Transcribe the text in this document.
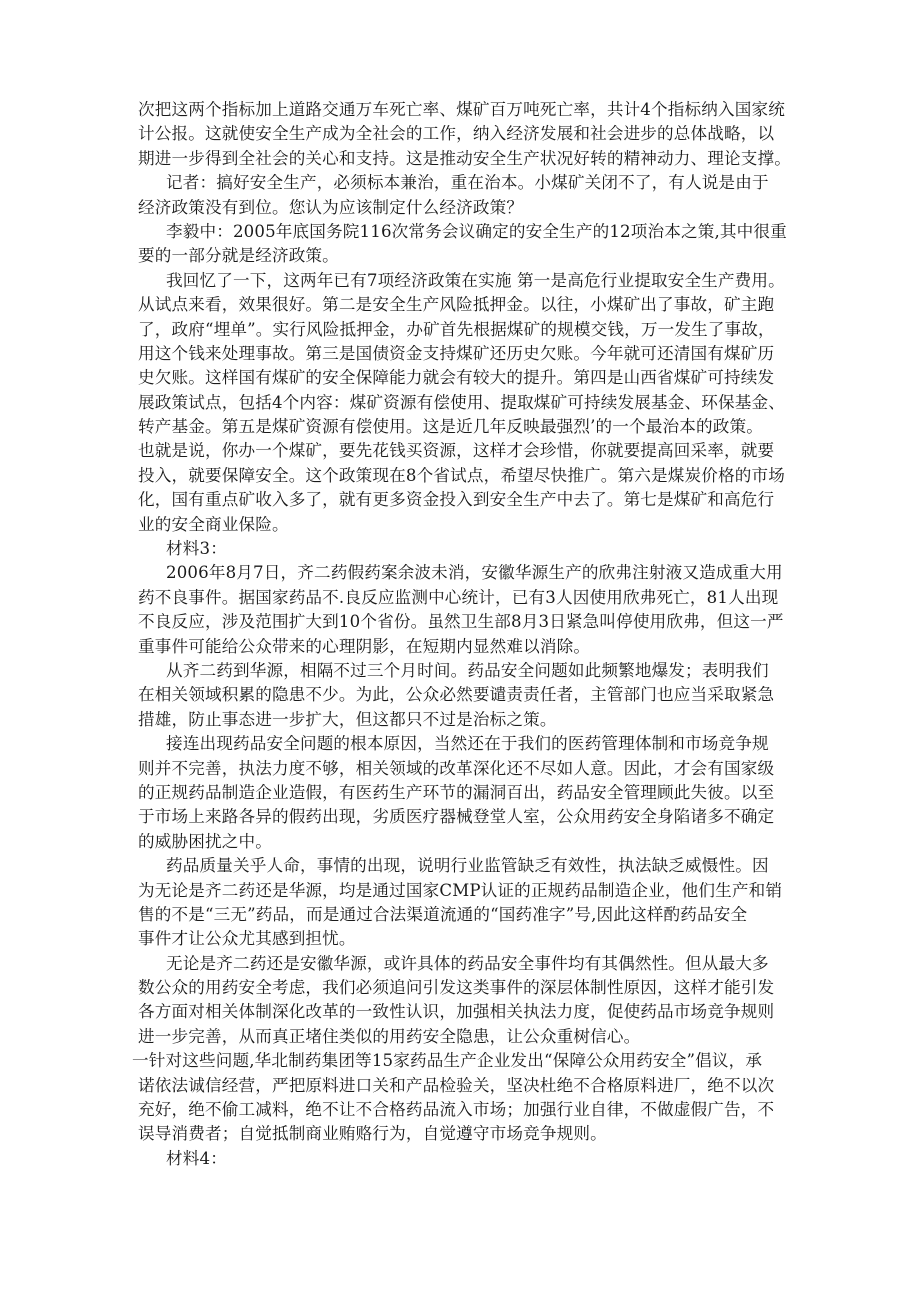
次把这两个指标加上道路交通万车死亡率、煤矿百万吨死亡率，共计4个指标纳入国家统
计公报。这就使安全生产成为全社会的工作，纳入经济发展和社会进步的总体战略，以
期进一步得到全社会的关心和支持。这是推动安全生产状况好转的精神动力、理论支撑。
记者：搞好安全生产，必须标本兼治，重在治本。小煤矿关闭不了，有人说是由于
经济政策没有到位。您认为应该制定什么经济政策？
李毅中：2005年底国务院116次常务会议确定的安全生产的12项治本之策,其中很重
要的一部分就是经济政策。
我回忆了一下，这两年已有7项经济政策在实施 第一是高危行业提取安全生产费用。
从试点来看，效果很好。第二是安全生产风险抵押金。以往，小煤矿出了事故，矿主跑
了，政府“埋单”。实行风险抵押金，办矿首先根据煤矿的规模交钱，万一发生了事故，
用这个钱来处理事故。第三是国债资金支持煤矿还历史欠账。今年就可还清国有煤矿历
史欠账。这样国有煤矿的安全保障能力就会有较大的提升。第四是山西省煤矿可持续发
展政策试点，包括4个内容：煤矿资源有偿使用、提取煤矿可持续发展基金、环保基金、
转产基金。第五是煤矿资源有偿使用。这是近几年反映最强烈’的一个最治本的政策。
也就是说，你办一个煤矿，要先花钱买资源，这样才会珍惜，你就要提高回采率，就要
投入，就要保障安全。这个政策现在8个省试点，希望尽快推广。第六是煤炭价格的市场
化，国有重点矿收入多了，就有更多资金投入到安全生产中去了。第七是煤矿和高危行
业的安全商业保险。
材料3：
2006年8月7日，齐二药假药案余波未消，安徽华源生产的欣弗注射液又造成重大用
药不良事件。据国家药品不.良反应监测中心统计，已有3人因使用欣弗死亡，81人出现
不良反应，涉及范围扩大到10个省份。虽然卫生部8月3日紧急叫停使用欣弗，但这一严
重事件可能给公众带来的心理阴影，在短期内显然难以消除。
从齐二药到华源，相隔不过三个月时间。药品安全问题如此频繁地爆发；表明我们
在相关领域积累的隐患不少。为此，公众必然要谴责责任者，主管部门也应当采取紧急
措雄，防止事态进一步扩大，但这都只不过是治标之策。
接连出现药品安全问题的根本原因，当然还在于我们的医药管理体制和市场竞争规
则并不完善，执法力度不够，相关领域的改革深化还不尽如人意。因此，才会有国家级
的正规药品制造企业造假，有医药生产环节的漏洞百出，药品安全管理顾此失彼。以至
于市场上来路各异的假药出现，劣质医疗器械登堂人室，公众用药安全身陷诸多不确定
的威胁困扰之中。
药品质量关乎人命，事情的出现，说明行业监管缺乏有效性，执法缺乏威慑性。因
为无论是齐二药还是华源，均是通过国家CMP认证的正规药品制造企业，他们生产和销
售的不是“三无”药品，而是通过合法渠道流通的“国药准字”号,因此这样酌药品安全
事件才让公众尤其感到担忧。
无论是齐二药还是安徽华源，或许具体的药品安全事件均有其偶然性。但从最大多
数公众的用药安全考虑，我们必须追问引发这类事件的深层体制性原因，这样才能引发
各方面对相关体制深化改革的一致性认识，加强相关执法力度，促使药品市场竞争规则
进一步完善，从而真正堵住类似的用药安全隐患，让公众重树信心。
一针对这些问题,华北制药集团等15家药品生产企业发出“保障公众用药安全”倡议，承
诺依法诚信经营，严把原料进口关和产品检验关，坚决杜绝不合格原料进厂，绝不以次
充好，绝不偷工减料，绝不让不合格药品流入市场；加强行业自律，不做虚假广告，不
误导消费者；自觉抵制商业贿赂行为，自觉遵守市场竞争规则。
材料4：
